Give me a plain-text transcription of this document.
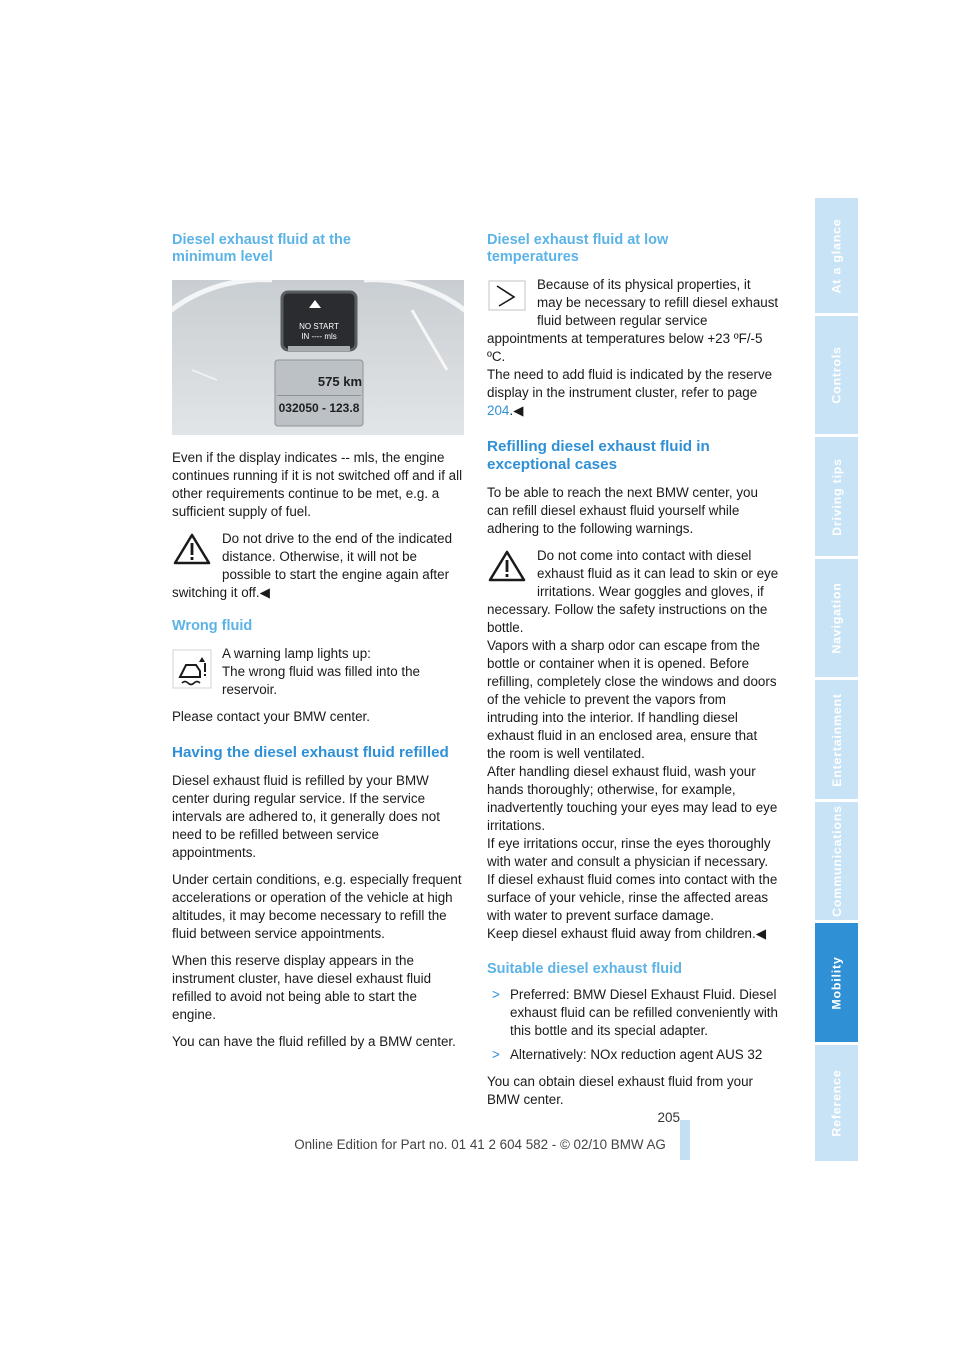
Diesel exhaust fluid at the
minimum level
NO START
IN ---- mls
575 km
032050 - 123.8

Even if the display indicates -- mls, the engine continues running if it is not switched off and if all other requirements continue to be met, e.g. a sufficient supply of fuel.

Do not drive to the end of the indicated distance. Otherwise, it will not be possible to start the engine again after switching it off.◀

Wrong fluid

A warning lamp lights up:

The wrong fluid was filled into the reservoir.

Please contact your BMW center.

Having the diesel exhaust fluid refilled

Diesel exhaust fluid is refilled by your BMW center during regular service. If the service intervals are adhered to, it generally does not need to be refilled between service appointments.

Under certain conditions, e.g. especially frequent accelerations or operation of the vehicle at high altitudes, it may become necessary to refill the fluid between service appointments.

When this reserve display appears in the instrument cluster, have diesel exhaust fluid refilled to avoid not being able to start the engine.

You can have the fluid refilled by a BMW center.

Diesel exhaust fluid at low
temperatures

Because of its physical properties, it may be necessary to refill diesel exhaust fluid between regular service appointments at temperatures below +23 ºF/-5 ºC.

The need to add fluid is indicated by the reserve display in the instrument cluster, refer to page 204.◀

Refilling diesel exhaust fluid in
exceptional cases

To be able to reach the next BMW center, you can refill diesel exhaust fluid yourself while adhering to the following warnings.

Do not come into contact with diesel exhaust fluid as it can lead to skin or eye irritations. Wear goggles and gloves, if necessary. Follow the safety instructions on the bottle.

Vapors with a sharp odor can escape from the bottle or container when it is opened. Before refilling, completely close the windows and doors of the vehicle to prevent the vapors from intruding into the interior. If handling diesel exhaust fluid in an enclosed area, ensure that the room is well ventilated.

After handling diesel exhaust fluid, wash your hands thoroughly; otherwise, for example, inadvertently touching your eyes may lead to eye irritations.

If eye irritations occur, rinse the eyes thoroughly with water and consult a physician if necessary.

If diesel exhaust fluid comes into contact with the surface of your vehicle, rinse the affected areas with water to prevent surface damage.

Keep diesel exhaust fluid away from children.◀

Suitable diesel exhaust fluid
> Preferred: BMW Diesel Exhaust Fluid. Diesel exhaust fluid can be refilled conveniently with this bottle and its special adapter.
> Alternatively: NOx reduction agent AUS 32

You can obtain diesel exhaust fluid from your BMW center.

At a glance
Controls
Driving tips
Navigation
Entertainment
Communications
Mobility
Reference
205
Online Edition for Part no. 01 41 2 604 582 - © 02/10 BMW AG
